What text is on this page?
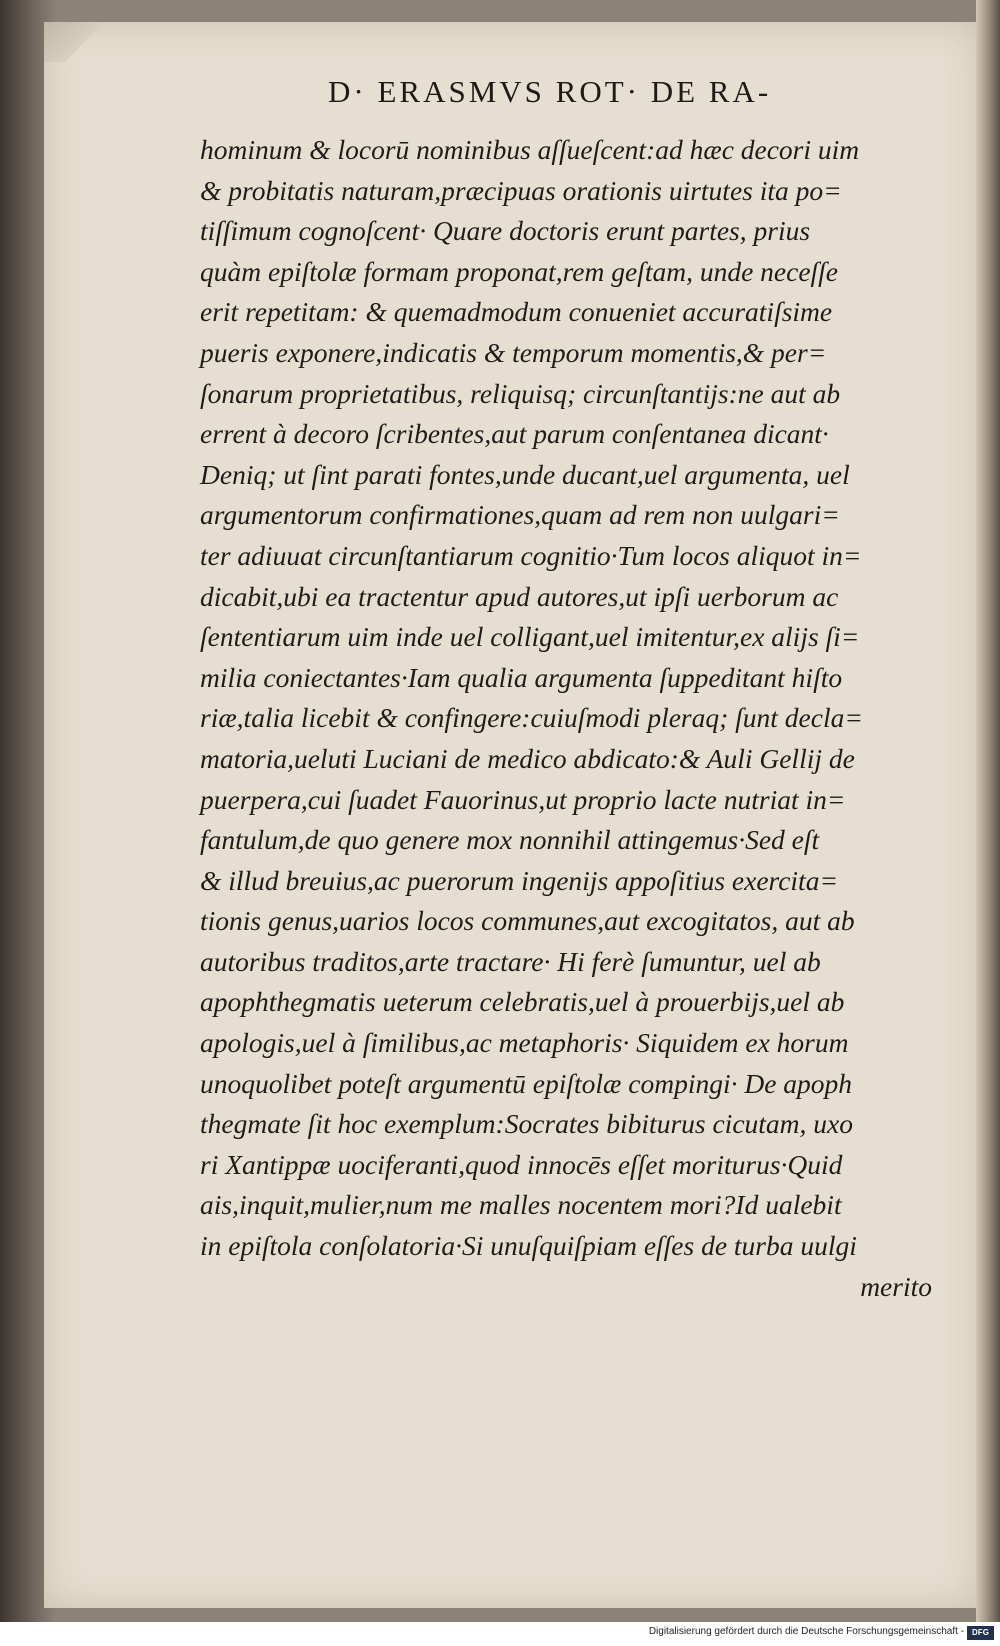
D· ERASMVS ROT· DE RA-
hominum & locorū nominibus aſſueſcent:ad hæc decori uim
& probitatis naturam,præcipuas orationis uirtutes ita po=
tiſſimum cognoſcent· Quare doctoris erunt partes, prius
quàm epiſtolæ formam proponat,rem geſtam, unde neceſſe
erit repetitam: & quemadmodum conueniet accuratiſsime
pueris exponere,indicatis & temporum momentis,& per=
ſonarum proprietatibus, reliquisq; circunſtantijs:ne aut ab
errent à decoro ſcribentes,aut parum conſentanea dicant·
Deniq; ut ſint parati fontes,unde ducant,uel argumenta, uel
argumentorum confirmationes,quam ad rem non uulgari=
ter adiuuat circunſtantiarum cognitio·Tum locos aliquot in=
dicabit,ubi ea tractentur apud autores,ut ipſi uerborum ac
ſententiarum uim inde uel colligant,uel imitentur,ex alijs ſi=
milia coniectantes·Iam qualia argumenta ſuppeditant hiſto
riæ,talia licebit & confingere:cuiuſmodi pleraq; ſunt decla=
matoria,ueluti Luciani de medico abdicato:& Auli Gellij de
puerpera,cui ſuadet Fauorinus,ut proprio lacte nutriat in=
fantulum,de quo genere mox nonnihil attingemus·Sed eſt
& illud breuius,ac puerorum ingenijs appoſitius exercita=
tionis genus,uarios locos communes,aut excogitatos, aut ab
autoribus traditos,arte tractare· Hi ferè ſumuntur, uel ab
apophthegmatis ueterum celebratis,uel à prouerbijs,uel ab
apologis,uel à ſimilibus,ac metaphoris· Siquidem ex horum
unoquolibet poteſt argumentū epiſtolæ compingi· De apoph
thegmate ſit hoc exemplum:Socrates bibiturus cicutam, uxo
ri Xantippæ uociferanti,quod innocēs eſſet moriturus·Quid
ais,inquit,mulier,num me malles nocentem mori?Id ualebit
in epiſtola conſolatoria·Si unuſquiſpiam eſſes de turba uulgi
merito
Digitalisierung gefördert durch die Deutsche Forschungsgemeinschaft -	DFG
